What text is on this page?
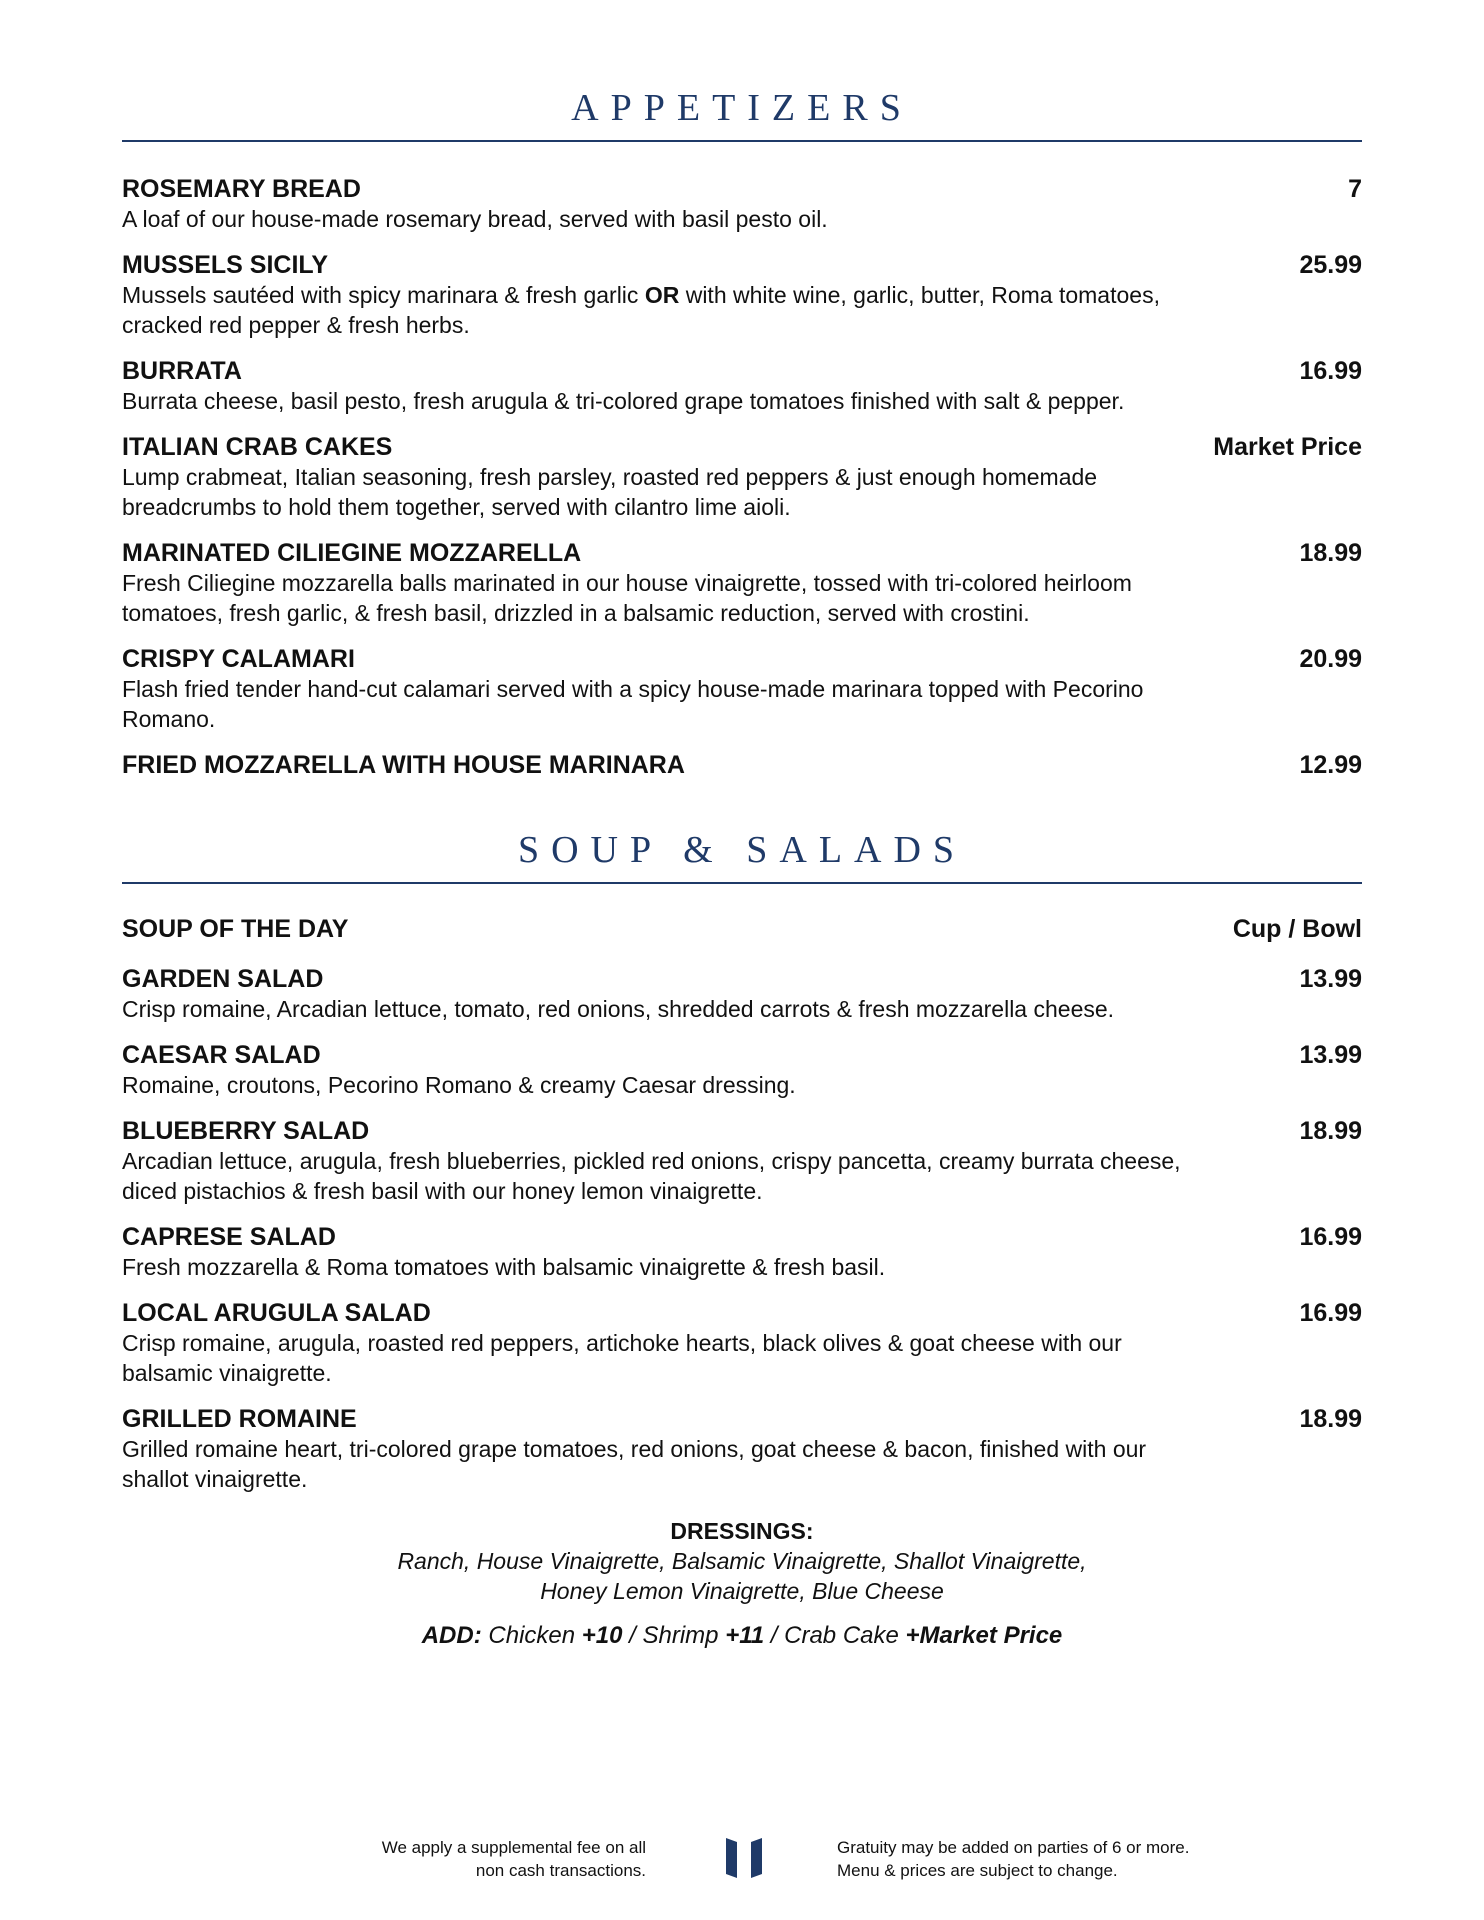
APPETIZERS

ROSEMARY BREAD	7

A loaf of our house-made rosemary bread, served with basil pesto oil.

MUSSELS SICILY	25.99

Mussels sautéed with spicy marinara & fresh garlic OR with white wine, garlic, butter, Roma tomatoes, cracked red pepper & fresh herbs.

BURRATA	16.99

Burrata cheese, basil pesto, fresh arugula & tri-colored grape tomatoes finished with salt & pepper.

ITALIAN CRAB CAKES	Market Price

Lump crabmeat, Italian seasoning, fresh parsley, roasted red peppers & just enough homemade breadcrumbs to hold them together, served with cilantro lime aioli.

MARINATED CILIEGINE MOZZARELLA	18.99

Fresh Ciliegine mozzarella balls marinated in our house vinaigrette, tossed with tri-colored heirloom tomatoes, fresh garlic, & fresh basil, drizzled in a balsamic reduction, served with crostini.

CRISPY CALAMARI	20.99

Flash fried tender hand-cut calamari served with a spicy house-made marinara topped with Pecorino Romano.

FRIED MOZZARELLA WITH HOUSE MARINARA	12.99
SOUP & SALADS

SOUP OF THE DAY	Cup / Bowl

GARDEN SALAD	13.99

Crisp romaine, Arcadian lettuce, tomato, red onions, shredded carrots & fresh mozzarella cheese.

CAESAR SALAD	13.99

Romaine, croutons, Pecorino Romano & creamy Caesar dressing.

BLUEBERRY SALAD	18.99

Arcadian lettuce, arugula, fresh blueberries, pickled red onions, crispy pancetta, creamy burrata cheese, diced pistachios & fresh basil with our honey lemon vinaigrette.

CAPRESE SALAD	16.99

Fresh mozzarella & Roma tomatoes with balsamic vinaigrette & fresh basil.

LOCAL ARUGULA SALAD	16.99

Crisp romaine, arugula, roasted red peppers, artichoke hearts, black olives & goat cheese with our balsamic vinaigrette.

GRILLED ROMAINE	18.99

Grilled romaine heart, tri-colored grape tomatoes, red onions, goat cheese & bacon, finished with our shallot vinaigrette.

DRESSINGS:
Ranch, House Vinaigrette, Balsamic Vinaigrette, Shallot Vinaigrette,
Honey Lemon Vinaigrette, Blue Cheese
ADD: Chicken +10 / Shrimp +11 / Crab Cake +Market Price
We apply a supplemental fee on all
non cash transactions.
Gratuity may be added on parties of 6 or more.
Menu & prices are subject to change.
